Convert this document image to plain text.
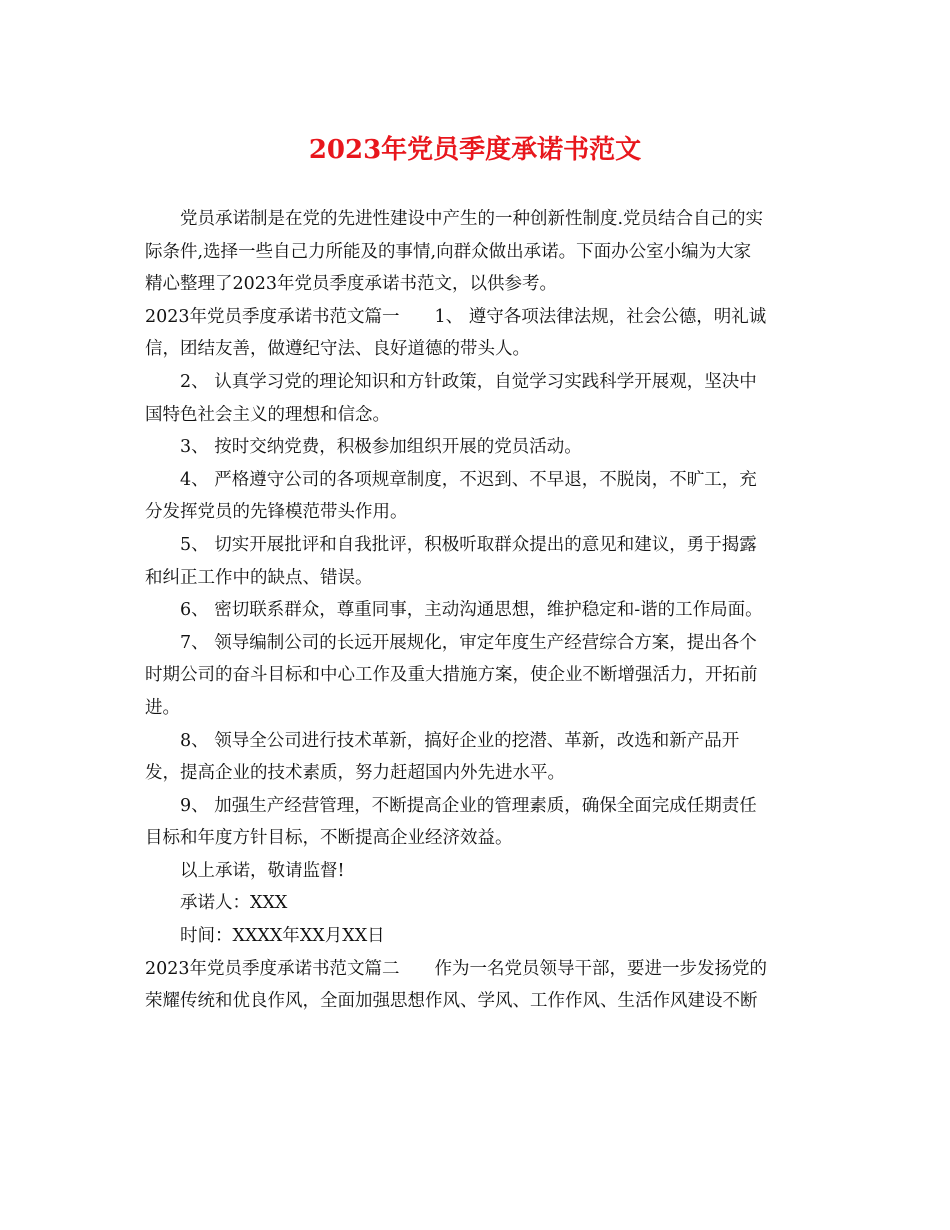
2023年党员季度承诺书范文

　　党员承诺制是在党的先进性建设中产生的一种创新性制度.党员结合自己的实

际条件,选择一些自己力所能及的事情,向群众做出承诺。下面办公室小编为大家

精心整理了2023年党员季度承诺书范文，以供参考。

2023年党员季度承诺书范文篇一　　1、 遵守各项法律法规，社会公德，明礼诚

信，团结友善，做遵纪守法、良好道德的带头人。

　　2、 认真学习党的理论知识和方针政策，自觉学习实践科学开展观，坚决中

国特色社会主义的理想和信念。

　　3、 按时交纳党费，积极参加组织开展的党员活动。

　　4、 严格遵守公司的各项规章制度，不迟到、不早退，不脱岗，不旷工，充

分发挥党员的先锋模范带头作用。

　　5、 切实开展批评和自我批评，积极听取群众提出的意见和建议，勇于揭露

和纠正工作中的缺点、错误。

　　6、 密切联系群众，尊重同事，主动沟通思想，维护稳定和-谐的工作局面。

　　7、 领导编制公司的长远开展规化，审定年度生产经营综合方案，提出各个

时期公司的奋斗目标和中心工作及重大措施方案，使企业不断增强活力，开拓前

进。

　　8、 领导全公司进行技术革新，搞好企业的挖潜、革新，改选和新产品开

发，提高企业的技术素质，努力赶超国内外先进水平。

　　9、 加强生产经营管理，不断提高企业的管理素质，确保全面完成任期责任

目标和年度方针目标，不断提高企业经济效益。

　　以上承诺，敬请监督!

　　承诺人：XXX

　　时间：XXXX年XX月XX日

2023年党员季度承诺书范文篇二　　作为一名党员领导干部，要进一步发扬党的

荣耀传统和优良作风，全面加强思想作风、学风、工作作风、生活作风建设不断
